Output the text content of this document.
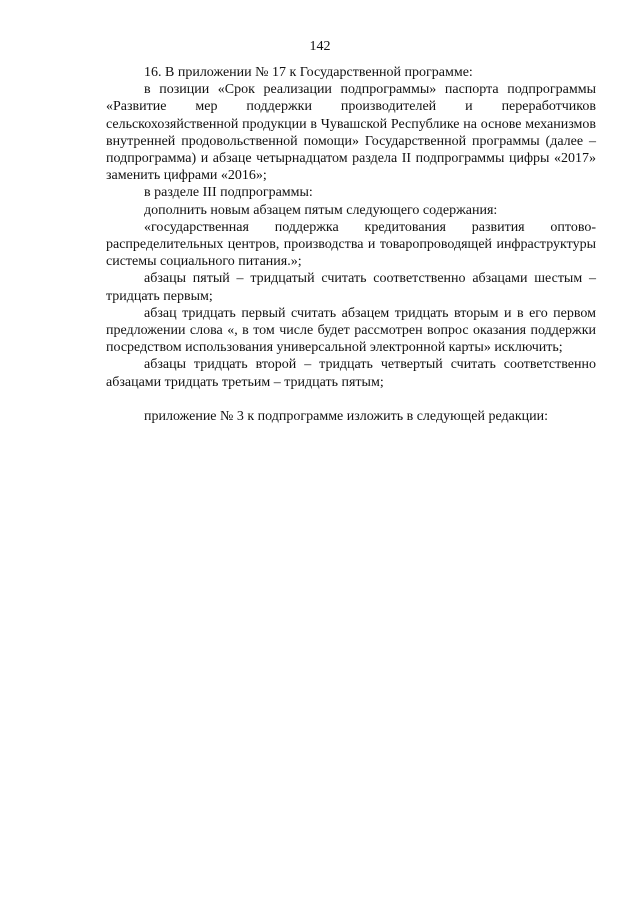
142

16. В приложении № 17 к Государственной программе:

в позиции «Срок реализации подпрограммы» паспорта подпрограммы «Развитие мер поддержки производителей и переработчиков сельскохозяйственной продукции в Чувашской Республике на основе механизмов внутренней продовольственной помощи» Государственной программы (далее – подпрограмма) и абзаце четырнадцатом раздела II подпрограммы цифры «2017» заменить цифрами «2016»;

в разделе III подпрограммы:

дополнить новым абзацем пятым следующего содержания:

«государственная поддержка кредитования развития оптово-распределительных центров, производства и товаропроводящей инфраструктуры системы социального питания.»;

абзацы пятый – тридцатый считать соответственно абзацами шестым – тридцать первым;

абзац тридцать первый считать абзацем тридцать вторым и в его первом предложении слова «, в том числе будет рассмотрен вопрос оказания поддержки посредством использования универсальной электронной карты» исключить;

абзацы тридцать второй – тридцать четвертый считать соответственно абзацами тридцать третьим – тридцать пятым;

приложение № 3 к подпрограмме изложить в следующей редакции:
